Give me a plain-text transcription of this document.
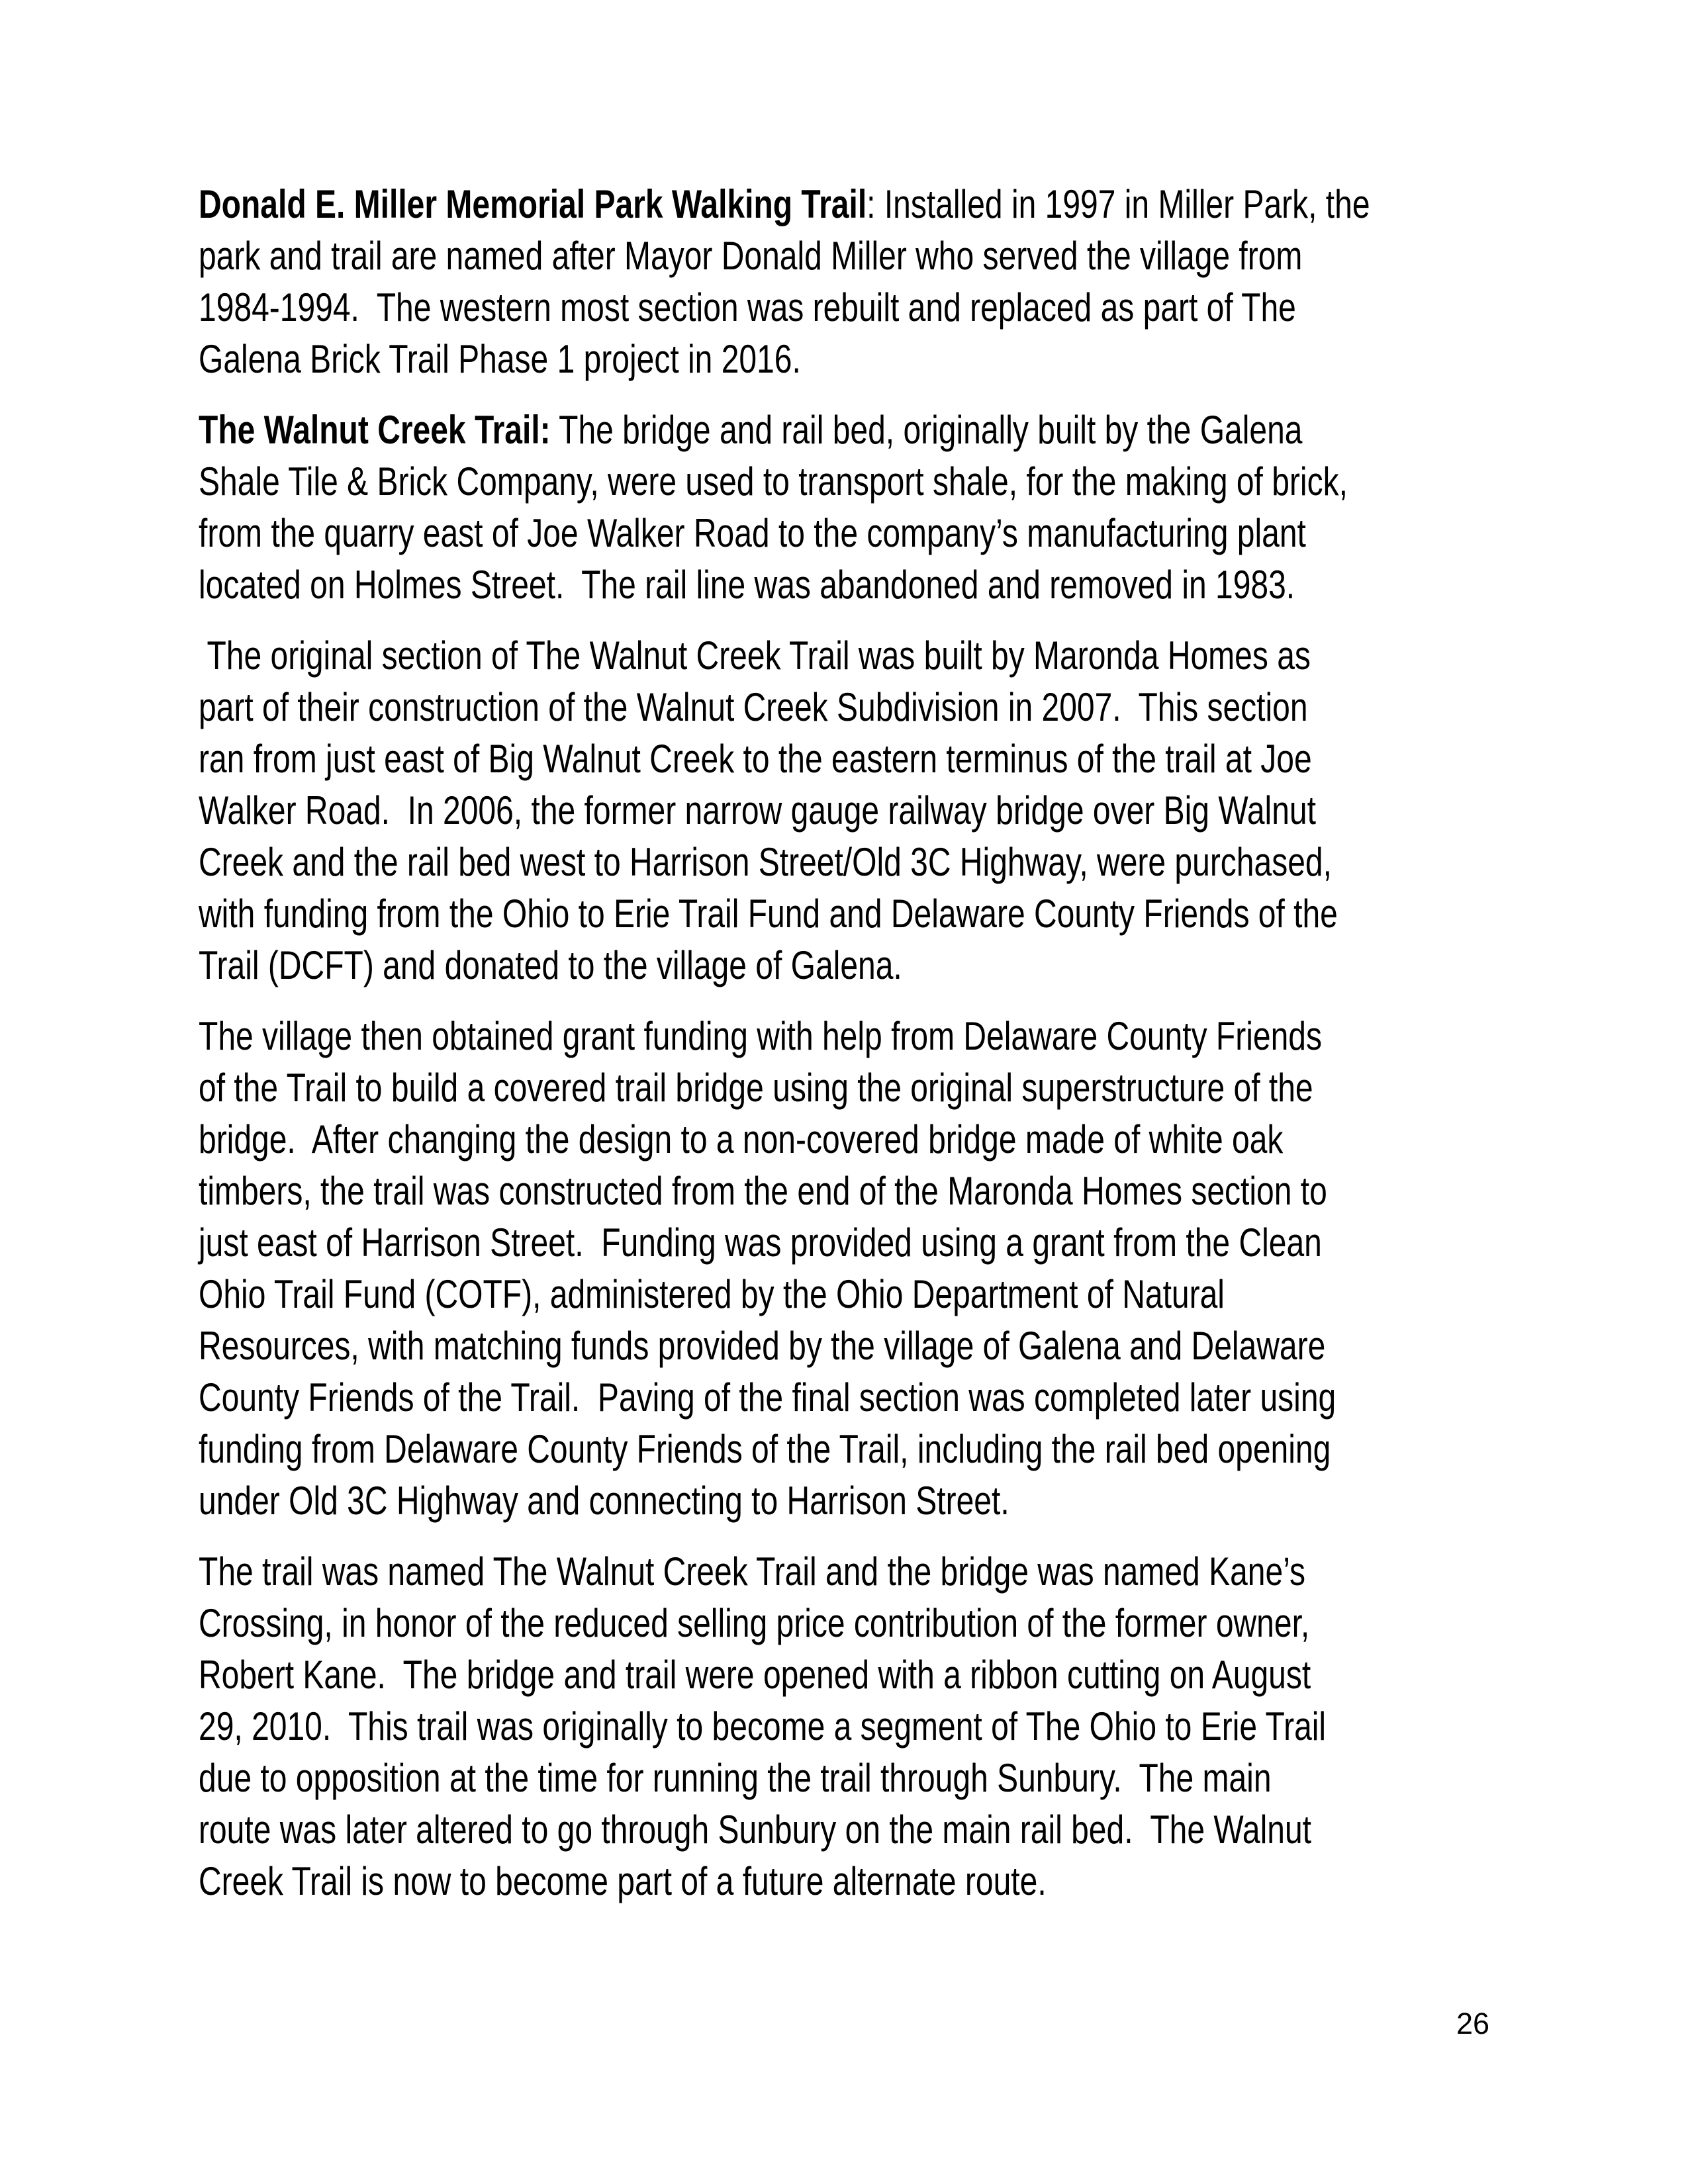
Donald E. Miller Memorial Park Walking Trail: Installed in 1997 in Miller Park, the
park and trail are named after Mayor Donald Miller who served the village from
1984-1994.  The western most section was rebuilt and replaced as part of The
Galena Brick Trail Phase 1 project in 2016.

The Walnut Creek Trail: The bridge and rail bed, originally built by the Galena
Shale Tile & Brick Company, were used to transport shale, for the making of brick,
from the quarry east of Joe Walker Road to the company’s manufacturing plant
located on Holmes Street.  The rail line was abandoned and removed in 1983.

The original section of The Walnut Creek Trail was built by Maronda Homes as
part of their construction of the Walnut Creek Subdivision in 2007.  This section
ran from just east of Big Walnut Creek to the eastern terminus of the trail at Joe
Walker Road.  In 2006, the former narrow gauge railway bridge over Big Walnut
Creek and the rail bed west to Harrison Street/Old 3C Highway, were purchased,
with funding from the Ohio to Erie Trail Fund and Delaware County Friends of the
Trail (DCFT) and donated to the village of Galena.

The village then obtained grant funding with help from Delaware County Friends
of the Trail to build a covered trail bridge using the original superstructure of the
bridge.  After changing the design to a non-covered bridge made of white oak
timbers, the trail was constructed from the end of the Maronda Homes section to
just east of Harrison Street.  Funding was provided using a grant from the Clean
Ohio Trail Fund (COTF), administered by the Ohio Department of Natural
Resources, with matching funds provided by the village of Galena and Delaware
County Friends of the Trail.  Paving of the final section was completed later using
funding from Delaware County Friends of the Trail, including the rail bed opening
under Old 3C Highway and connecting to Harrison Street.

The trail was named The Walnut Creek Trail and the bridge was named Kane’s
Crossing, in honor of the reduced selling price contribution of the former owner,
Robert Kane.  The bridge and trail were opened with a ribbon cutting on August
29, 2010.  This trail was originally to become a segment of The Ohio to Erie Trail
due to opposition at the time for running the trail through Sunbury.  The main
route was later altered to go through Sunbury on the main rail bed.  The Walnut
Creek Trail is now to become part of a future alternate route.

26
